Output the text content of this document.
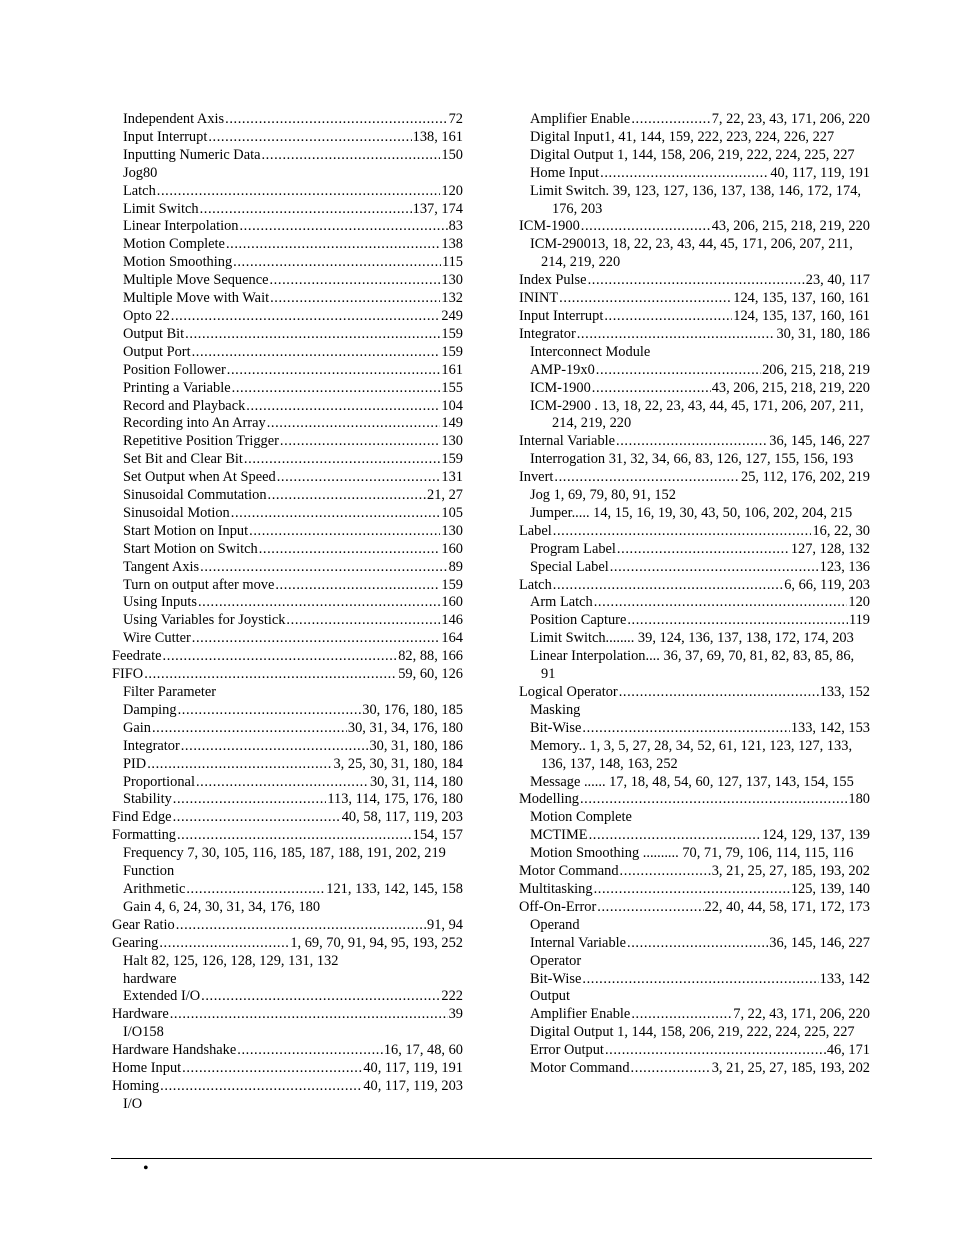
Independent Axis .....	72
Input Interrupt .....	138, 161
Inputting Numeric Data .....	150
Jog80
Latch .....	120
Limit Switch .....	137, 174
Linear Interpolation .....	83
Motion Complete .....	138
Motion Smoothing .....	115
Multiple Move Sequence .....	130
Multiple Move with Wait .....	132
Opto 22 .....	249
Output Bit .....	159
Output Port .....	159
Position Follower .....	161
Printing a Variable .....	155
Record and Playback .....	104
Recording into An Array .....	149
Repetitive Position Trigger .....	130
Set Bit and Clear Bit .....	159
Set Output when At Speed .....	131
Sinusoidal Commutation .....	21, 27
Sinusoidal Motion .....	105
Start Motion on Input .....	130
Start Motion on Switch .....	160
Tangent Axis .....	89
Turn on output after move .....	159
Using Inputs .....	160
Using Variables for Joystick .....	146
Wire Cutter .....	164
Feedrate .....	82, 88, 166
FIFO .....	59, 60, 126
Filter Parameter
Damping .....	30, 176, 180, 185
Gain .....	30, 31, 34, 176, 180
Integrator .....	30, 31, 180, 186
PID .....	3, 25, 30, 31, 180, 184
Proportional .....	30, 31, 114, 180
Stability .....	113, 114, 175, 176, 180
Find Edge .....	40, 58, 117, 119, 203
Formatting .....	154, 157
Frequency 7, 30, 105, 116, 185, 187, 188, 191, 202, 219
Function
Arithmetic .....	121, 133, 142, 145, 158
Gain 4, 6, 24, 30, 31, 34, 176, 180
Gear Ratio .....	91, 94
Gearing .....	1, 69, 70, 91, 94, 95, 193, 252
Halt 82, 125, 126, 128, 129, 131, 132
hardware
Extended I/O .....	222
Hardware .....	39
I/O158
Hardware Handshake .....	16, 17, 48, 60
Home Input .....	40, 117, 119, 191
Homing .....	40, 117, 119, 203
I/O
Amplifier Enable .....	7, 22, 23, 43, 171, 206, 220
Digital Input1, 41, 144, 159, 222, 223, 224, 226, 227
Digital Output 1, 144, 158, 206, 219, 222, 224, 225, 227
Home Input .....	40, 117, 119, 191
Limit Switch. 39, 123, 127, 136, 137, 138, 146, 172, 174, 176, 203
ICM-1900 .....	43, 206, 215, 218, 219, 220
ICM-290013, 18, 22, 23, 43, 44, 45, 171, 206, 207, 211, 214, 219, 220
Index Pulse .....	23, 40, 117
ININT .....	124, 135, 137, 160, 161
Input Interrupt .....	124, 135, 137, 160, 161
Integrator .....	30, 31, 180, 186
Interconnect Module
AMP-19x0 .....	206, 215, 218, 219
ICM-1900 .....	43, 206, 215, 218, 219, 220
ICM-2900 . 13, 18, 22, 23, 43, 44, 45, 171, 206, 207, 211, 214, 219, 220
Internal Variable .....	36, 145, 146, 227
Interrogation 31, 32, 34, 66, 83, 126, 127, 155, 156, 193
Invert .....	25, 112, 176, 202, 219
Jog 1, 69, 79, 80, 91, 152
Jumper..... 14, 15, 16, 19, 30, 43, 50, 106, 202, 204, 215
Label .....	16, 22, 30
Program Label .....	127, 128, 132
Special Label .....	123, 136
Latch .....	6, 66, 119, 203
Arm Latch .....	120
Position Capture .....	119
Limit Switch........ 39, 124, 136, 137, 138, 172, 174, 203
Linear Interpolation.... 36, 37, 69, 70, 81, 82, 83, 85, 86, 91
Logical Operator .....	133, 152
Masking
Bit-Wise .....	133, 142, 153
Memory.. 1, 3, 5, 27, 28, 34, 52, 61, 121, 123, 127, 133, 136, 137, 148, 163, 252
Message ...... 17, 18, 48, 54, 60, 127, 137, 143, 154, 155
Modelling .....	180
Motion Complete
MCTIME .....	124, 129, 137, 139
Motion Smoothing .......... 70, 71, 79, 106, 114, 115, 116
Motor Command .....	3, 21, 25, 27, 185, 193, 202
Multitasking .....	125, 139, 140
Off-On-Error .....	22, 40, 44, 58, 171, 172, 173
Operand
Internal Variable .....	36, 145, 146, 227
Operator
Bit-Wise .....	133, 142
Output
Amplifier Enable .....	7, 22, 43, 171, 206, 220
Digital Output 1, 144, 158, 206, 219, 222, 224, 225, 227
Error Output .....	46, 171
Motor Command .....	3, 21, 25, 27, 185, 193, 202
•
